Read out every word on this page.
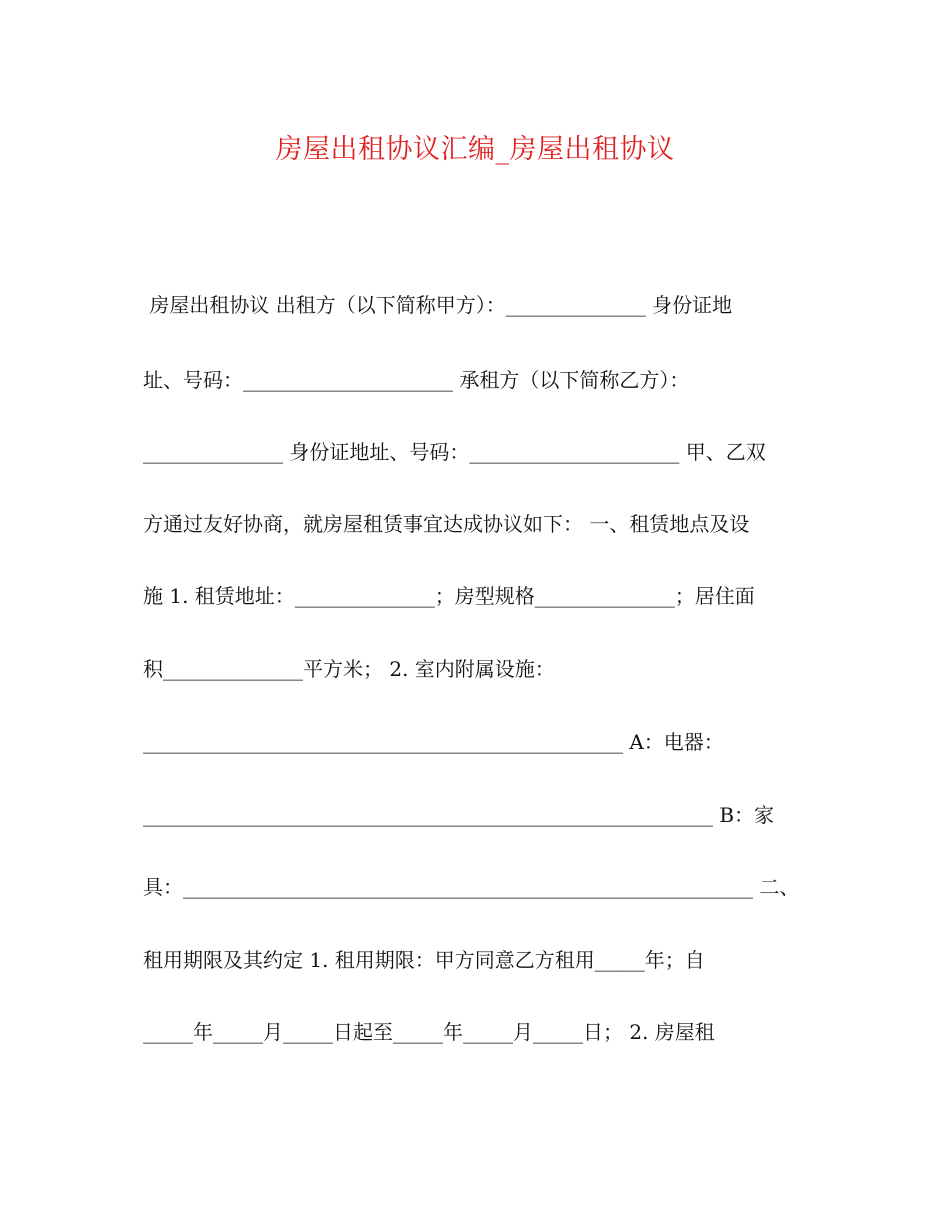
房屋出租协议汇编_房屋出租协议
房屋出租协议 出租方（以下简称甲方）：______________ 身份证地
址、号码：_____________________ 承租方（以下简称乙方）：
______________ 身份证地址、号码：_____________________ 甲、乙双
方通过友好协商，就房屋租赁事宜达成协议如下： 一、租赁地点及设
施 1. 租赁地址：______________；房型规格______________；居住面
积______________平方米； 2. 室内附属设施：
________________________________________________ A：电器：
_________________________________________________________ B：家
具：_________________________________________________________ 二、
租用期限及其约定 1. 租用期限：甲方同意乙方租用_____年；自
_____年_____月_____日起至_____年_____月_____日； 2. 房屋租
